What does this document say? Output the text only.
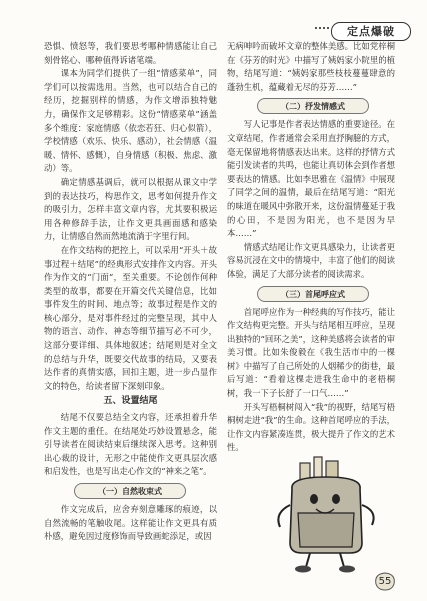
定点爆破

恐惧、愤怒等，我们要思考哪种情感能让自己刻骨铭心、哪种值得诉诸笔端。

课本为同学们提供了一组“情感菜单”，同学们可以按需选用。当然，也可以结合自己的经历，挖掘别样的情感，为作文增添独特魅力，确保作文足够精彩。这份“情感菜单”涵盖多个维度：家庭情感（依恋若狂、归心似箭），学校情感（欢乐、快乐、感动），社会情感（温暖、情怀、感慨），自身情感（积极、焦虑、激动）等。

确定情感基调后，就可以根据从课文中学到的表达技巧，构思作文，思考如何提升作文的吸引力，怎样丰富文章内容，尤其要积极运用各种修辞手法，让作文更具画面感和感染力，让情感自然而然地流淌于字里行间。

在作文结构的把控上，可以采用“开头＋故事过程＋结尾”的经典形式安排作文内容。开头作为作文的“门面”，至关重要。不论创作何种类型的故事，都要在开篇交代关键信息，比如事件发生的时间、地点等；故事过程是作文的核心部分，是对事件经过的完整呈现，其中人物的语言、动作、神态等细节描写必不可少，这部分要详细、具体地叙述；结尾则是对全文的总结与升华，既要交代故事的结局，又要表达作者的真情实感，回扣主题，进一步凸显作文的特色，给读者留下深刻印象。

五、设置结尾

结尾不仅要总结全文内容，还承担着升华作文主题的重任。在结尾处巧妙设置悬念，能引导读者在阅读结束后继续深入思考。这种别出心裁的设计，无形之中能使作文更具层次感和启发性，也是写出走心作文的“神来之笔”。

（一）自然收束式

作文完成后，应舍弃刻意雕琢的痕迹，以自然流畅的笔触收尾。这样能让作文更具有质朴感，避免因过度修饰而导致画蛇添足，或因

无病呻吟而破坏文章的整体美感。比如党梓桐在《芬芳的时光》中描写了姨妈家小院里的植物，结尾写道：“姨妈家那些枝枝蔓蔓肆意的蓬勃生机，蕴藏着无尽的芬芳……”

（二）抒发情感式

写人记事是作者表达情感的重要途径。在文章结尾，作者通常会采用直抒胸臆的方式，毫无保留地将情感表达出来。这样的抒情方式能引发读者的共鸣，也能让真切体会到作者想要表达的情感。比如李思雅在《温情》中展现了同学之间的温情，最后在结尾写道：“阳光的味道在暖风中弥散开来，这份温情蔓延于我的心田，不是因为阳光，也不是因为早本……”

情感式结尾让作文更具感染力，让读者更容易沉浸在文中的情境中，丰富了他们的阅读体验，满足了大部分读者的阅读需求。

（三）首尾呼应式

首尾呼应作为一种经典的写作技巧，能让作文结构更完整。开头与结尾相互呼应，呈现出独特的“回环之美”，这种美感将会读者的审美习惯。比如朱俊毅在《我生活市中的一棵树》中描写了自己所处的人烟稀少的街巷，最后写道：“看着这棵走进我生命中的老梧桐树，我一下子长舒了一口气……”

开头写梧桐树闯入“我”的视野，结尾写梧桐树走进“我”的生命。这种首尾呼应的手法，让作文内容紧凑连贯，极大提升了作文的艺术性。

55
